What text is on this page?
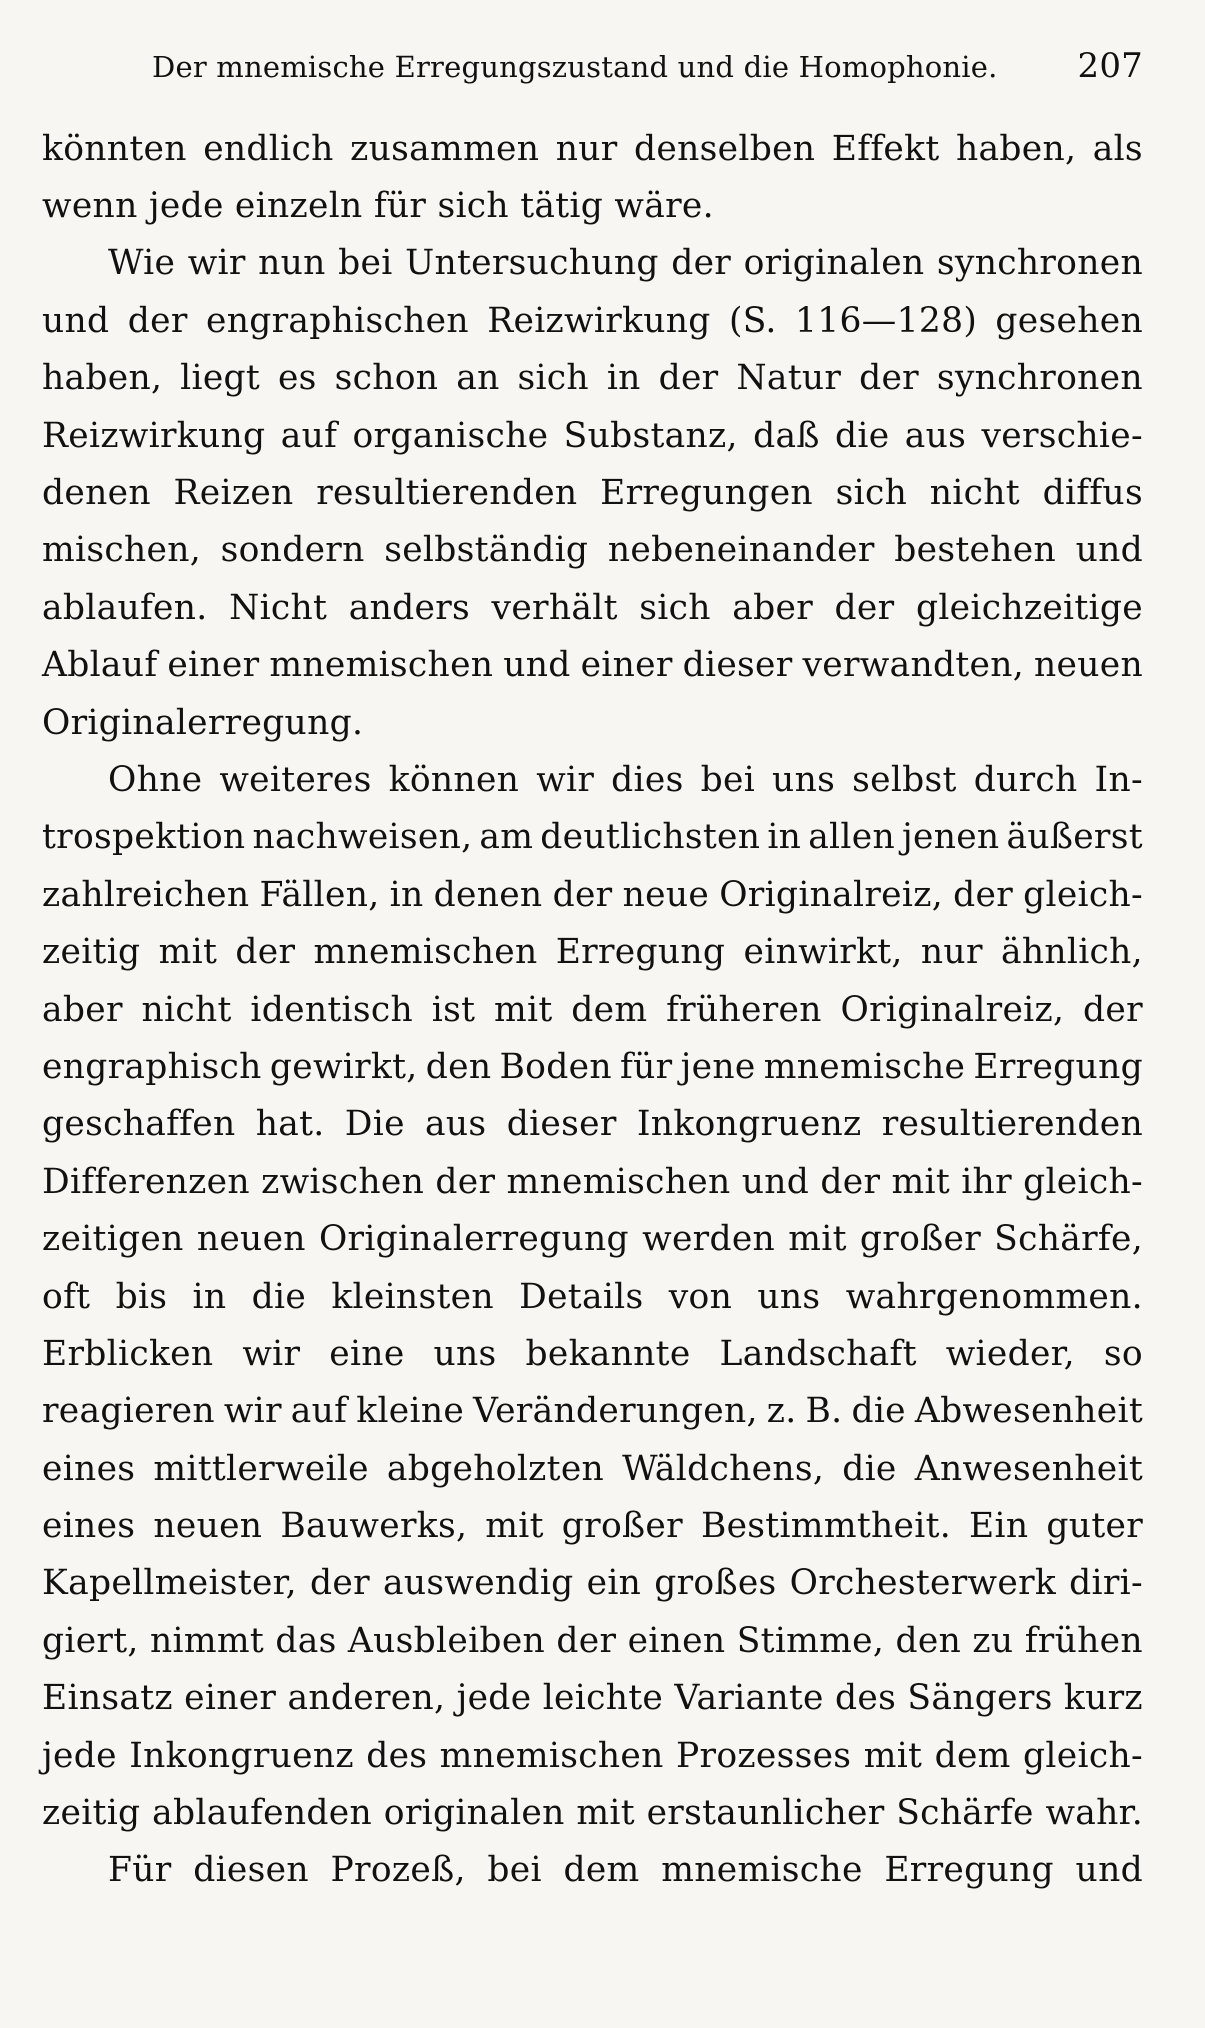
Der mnemische Erregungszustand und die Homophonie. 207
könnten endlich zusammen nur denselben Effekt haben, als
wenn jede einzeln für sich tätig wäre.
Wie wir nun bei Untersuchung der originalen synchronen
und der engraphischen Reizwirkung (S. 116—128) gesehen
haben, liegt es schon an sich in der Natur der synchronen
Reizwirkung auf organische Substanz, daß die aus verschie-
denen Reizen resultierenden Erregungen sich nicht diffus
mischen, sondern selbständig nebeneinander bestehen und
ablaufen. Nicht anders verhält sich aber der gleichzeitige
Ablauf einer mnemischen und einer dieser verwandten, neuen
Originalerregung.
Ohne weiteres können wir dies bei uns selbst durch In-
trospektion nachweisen, am deutlichsten in allen jenen äußerst
zahlreichen Fällen, in denen der neue Originalreiz, der gleich-
zeitig mit der mnemischen Erregung einwirkt, nur ähnlich,
aber nicht identisch ist mit dem früheren Originalreiz, der
engraphisch gewirkt, den Boden für jene mnemische Erregung
geschaffen hat. Die aus dieser Inkongruenz resultierenden
Differenzen zwischen der mnemischen und der mit ihr gleich-
zeitigen neuen Originalerregung werden mit großer Schärfe,
oft bis in die kleinsten Details von uns wahrgenommen.
Erblicken wir eine uns bekannte Landschaft wieder, so
reagieren wir auf kleine Veränderungen, z. B. die Abwesenheit
eines mittlerweile abgeholzten Wäldchens, die Anwesenheit
eines neuen Bauwerks, mit großer Bestimmtheit. Ein guter
Kapellmeister, der auswendig ein großes Orchesterwerk diri-
giert, nimmt das Ausbleiben der einen Stimme, den zu frühen
Einsatz einer anderen, jede leichte Variante des Sängers kurz
jede Inkongruenz des mnemischen Prozesses mit dem gleich-
zeitig ablaufenden originalen mit erstaunlicher Schärfe wahr.
Für diesen Prozeß, bei dem mnemische Erregung und
